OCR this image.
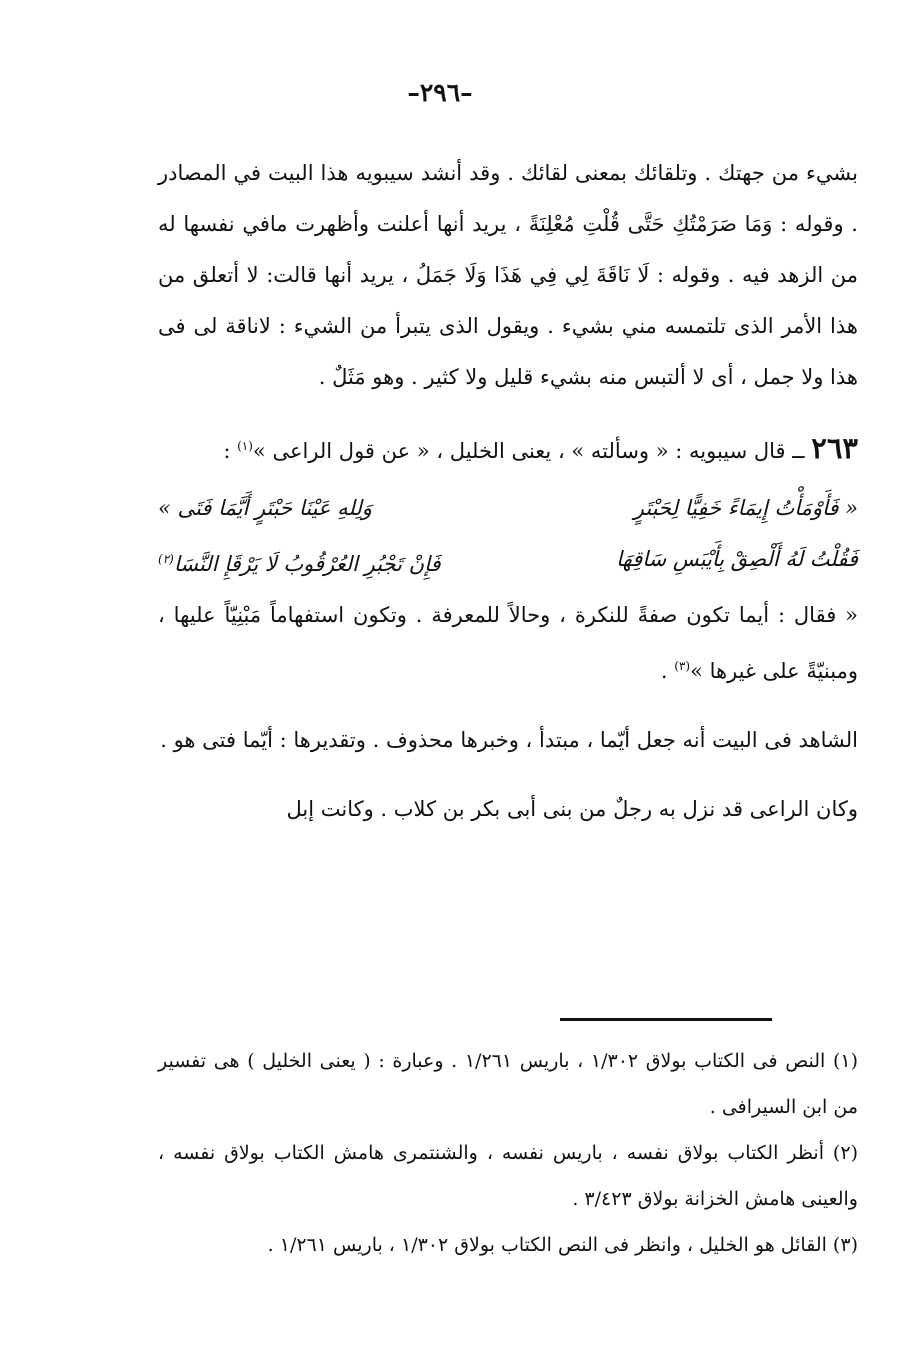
–٢٩٦–

بشيء من جهتك . وتلقائك بمعنى لقائك . وقد أنشد سيبويه هذا البيت في المصادر . وقوله : وَمَا صَرَمْتُكِ حَتَّى قُلْتِ مُعْلِنَةً ، يريد أنها أعلنت وأظهرت مافي نفسها له من الزهد فيه . وقوله : لَا نَاقَةَ لِي فِي هَذَا وَلَا جَمَلُ ، يريد أنها قالت: لا أتعلق من هذا الأمر الذى تلتمسه مني بشيء . ويقول الذى يتبرأ من الشيء : لاناقة لى فى هذا ولا جمل ، أى لا ألتبس منه بشيء قليل ولا كثير . وهو مَثَلٌ .

٢٦٣ ــ قال سيبويه : « وسألته » ، يعنى الخليل ، « عن قول الراعى »$^{(١)}$ :

« فَأَوْمَأْتُ إِيمَاءً خَفِيًّا لِحَبْتَرٍ
وَلِلهِ عَيْنَا حَبْتَرٍ أَيَّمَا فَتَى »
فَقُلْتُ لَهُ أَلْصِقْ بِأَيْبَسِ سَاقِهَا
فَإِنْ تَجْبُرِ العُرْقُوبُ لَا يَرْقَإِ النَّسَا$^{(٢)}$

« فقال : أيما تكون صفةً للنكرة ، وحالاً للمعرفة . وتكون استفهاماً مَبْنِيّاً عليها ، ومبنيّةً على غيرها »$^{(٣)}$ .

الشاهد فى البيت أنه جعل أيّما ، مبتدأ ، وخبرها محذوف . وتقديرها : أيّما فتى هو .

وكان الراعى قد نزل به رجلٌ من بنى أبى بكر بن كلاب . وكانت إبل

(١) النص فى الكتاب بولاق ١/٣٠٢ ، باريس ١/٢٦١ . وعبارة : ( يعنى الخليل ) هى تفسير من ابن السيرافى .

(٢) أنظر الكتاب بولاق نفسه ، باريس نفسه ، والشنتمرى هامش الكتاب بولاق نفسه ، والعينى هامش الخزانة بولاق ٣/٤٢٣ .

(٣) القائل هو الخليل ، وانظر فى النص الكتاب بولاق ١/٣٠٢ ، باريس ١/٢٦١ .
